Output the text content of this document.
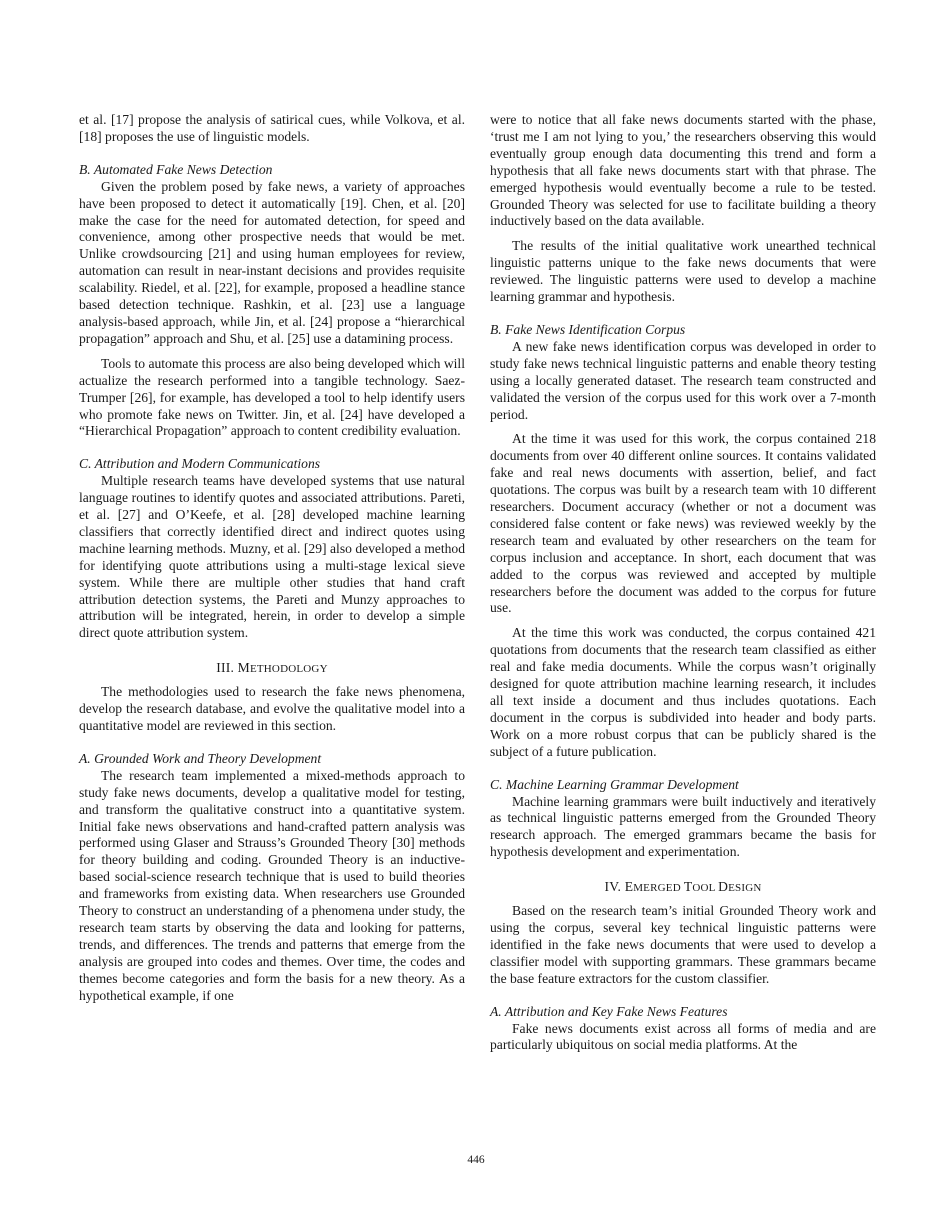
et al. [17] propose the analysis of satirical cues, while Volkova, et al. [18] proposes the use of linguistic models.

B. Automated Fake News Detection

Given the problem posed by fake news, a variety of approaches have been proposed to detect it automatically [19]. Chen, et al. [20] make the case for the need for automated detection, for speed and convenience, among other prospective needs that would be met. Unlike crowdsourcing [21] and using human employees for review, automation can result in near-instant decisions and provides requisite scalability. Riedel, et al. [22], for example, proposed a headline stance based detection technique. Rashkin, et al. [23] use a language analysis-based approach, while Jin, et al. [24] propose a “hierarchical propagation” approach and Shu, et al. [25] use a datamining process.

Tools to automate this process are also being developed which will actualize the research performed into a tangible technology. Saez-Trumper [26], for example, has developed a tool to help identify users who promote fake news on Twitter. Jin, et al. [24] have developed a “Hierarchical Propagation” approach to content credibility evaluation.

C. Attribution and Modern Communications

Multiple research teams have developed systems that use natural language routines to identify quotes and associated attributions. Pareti, et al. [27] and O’Keefe, et al. [28] developed machine learning classifiers that correctly identified direct and indirect quotes using machine learning methods. Muzny, et al. [29] also developed a method for identifying quote attributions using a multi-stage lexical sieve system. While there are multiple other studies that hand craft attribution detection systems, the Pareti and Munzy approaches to attribution will be integrated, herein, in order to develop a simple direct quote attribution system.

III. METHODOLOGY

The methodologies used to research the fake news phenomena, develop the research database, and evolve the qualitative model into a quantitative model are reviewed in this section.

A. Grounded Work and Theory Development

The research team implemented a mixed-methods approach to study fake news documents, develop a qualitative model for testing, and transform the qualitative construct into a quantitative system. Initial fake news observations and hand-crafted pattern analysis was performed using Glaser and Strauss’s Grounded Theory [30] methods for theory building and coding. Grounded Theory is an inductive-based social-science research technique that is used to build theories and frameworks from existing data. When researchers use Grounded Theory to construct an understanding of a phenomena under study, the research team starts by observing the data and looking for patterns, trends, and differences. The trends and patterns that emerge from the analysis are grouped into codes and themes. Over time, the codes and themes become categories and form the basis for a new theory. As a hypothetical example, if one

were to notice that all fake news documents started with the phase, ‘trust me I am not lying to you,’ the researchers observing this would eventually group enough data documenting this trend and form a hypothesis that all fake news documents start with that phrase. The emerged hypothesis would eventually become a rule to be tested. Grounded Theory was selected for use to facilitate building a theory inductively based on the data available.

The results of the initial qualitative work unearthed technical linguistic patterns unique to the fake news documents that were reviewed. The linguistic patterns were used to develop a machine learning grammar and hypothesis.

B. Fake News Identification Corpus

A new fake news identification corpus was developed in order to study fake news technical linguistic patterns and enable theory testing using a locally generated dataset. The research team constructed and validated the version of the corpus used for this work over a 7-month period.

At the time it was used for this work, the corpus contained 218 documents from over 40 different online sources. It contains validated fake and real news documents with assertion, belief, and fact quotations. The corpus was built by a research team with 10 different researchers. Document accuracy (whether or not a document was considered false content or fake news) was reviewed weekly by the research team and evaluated by other researchers on the team for corpus inclusion and acceptance. In short, each document that was added to the corpus was reviewed and accepted by multiple researchers before the document was added to the corpus for future use.

At the time this work was conducted, the corpus contained 421 quotations from documents that the research team classified as either real and fake media documents. While the corpus wasn’t originally designed for quote attribution machine learning research, it includes all text inside a document and thus includes quotations. Each document in the corpus is subdivided into header and body parts. Work on a more robust corpus that can be publicly shared is the subject of a future publication.

C. Machine Learning Grammar Development

Machine learning grammars were built inductively and iteratively as technical linguistic patterns emerged from the Grounded Theory research approach. The emerged grammars became the basis for hypothesis development and experimentation.

IV. EMERGED TOOL DESIGN

Based on the research team’s initial Grounded Theory work and using the corpus, several key technical linguistic patterns were identified in the fake news documents that were used to develop a classifier model with supporting grammars. These grammars became the base feature extractors for the custom classifier.

A. Attribution and Key Fake News Features

Fake news documents exist across all forms of media and are particularly ubiquitous on social media platforms. At the

446
